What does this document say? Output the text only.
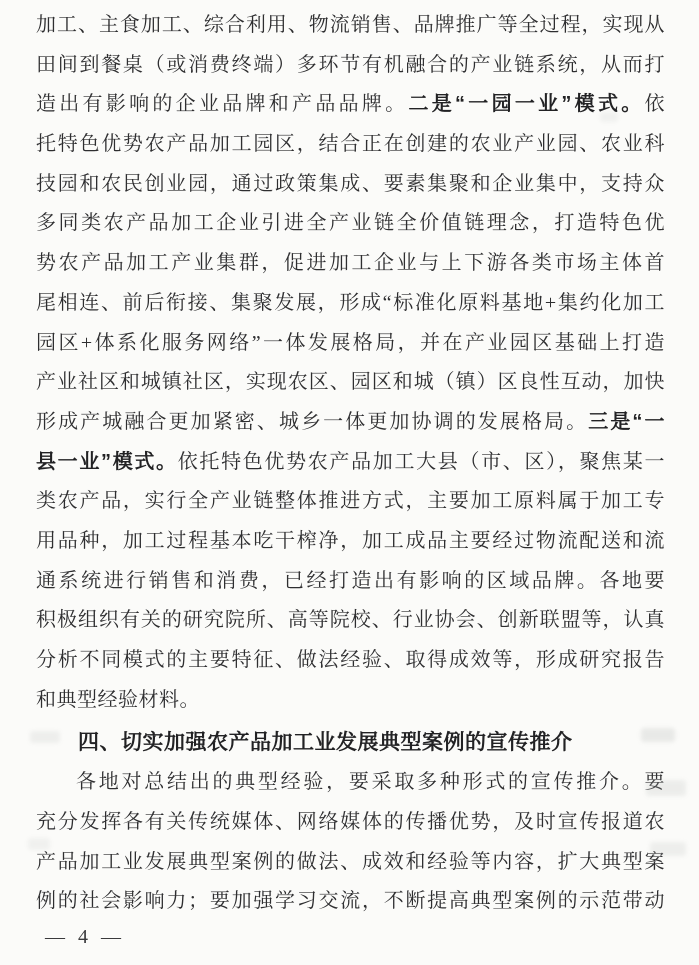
加工、主食加工、综合利用、物流销售、品牌推广等全过程，实现从
田间到餐桌（或消费终端）多环节有机融合的产业链系统，从而打
造出有影响的企业品牌和产品品牌。二是“一园一业”模式。依
托特色优势农产品加工园区，结合正在创建的农业产业园、农业科
技园和农民创业园，通过政策集成、要素集聚和企业集中，支持众
多同类农产品加工企业引进全产业链全价值链理念，打造特色优
势农产品加工产业集群，促进加工企业与上下游各类市场主体首
尾相连、前后衔接、集聚发展，形成“标准化原料基地+集约化加工
园区+体系化服务网络”一体发展格局，并在产业园区基础上打造
产业社区和城镇社区，实现农区、园区和城（镇）区良性互动，加快
形成产城融合更加紧密、城乡一体更加协调的发展格局。三是“一
县一业”模式。依托特色优势农产品加工大县（市、区），聚焦某一
类农产品，实行全产业链整体推进方式，主要加工原料属于加工专
用品种，加工过程基本吃干榨净，加工成品主要经过物流配送和流
通系统进行销售和消费，已经打造出有影响的区域品牌。各地要
积极组织有关的研究院所、高等院校、行业协会、创新联盟等，认真
分析不同模式的主要特征、做法经验、取得成效等，形成研究报告
和典型经验材料。
四、切实加强农产品加工业发展典型案例的宣传推介
各地对总结出的典型经验，要采取多种形式的宣传推介。要
充分发挥各有关传统媒体、网络媒体的传播优势，及时宣传报道农
产品加工业发展典型案例的做法、成效和经验等内容，扩大典型案
例的社会影响力；要加强学习交流，不断提高典型案例的示范带动
— 4 —
